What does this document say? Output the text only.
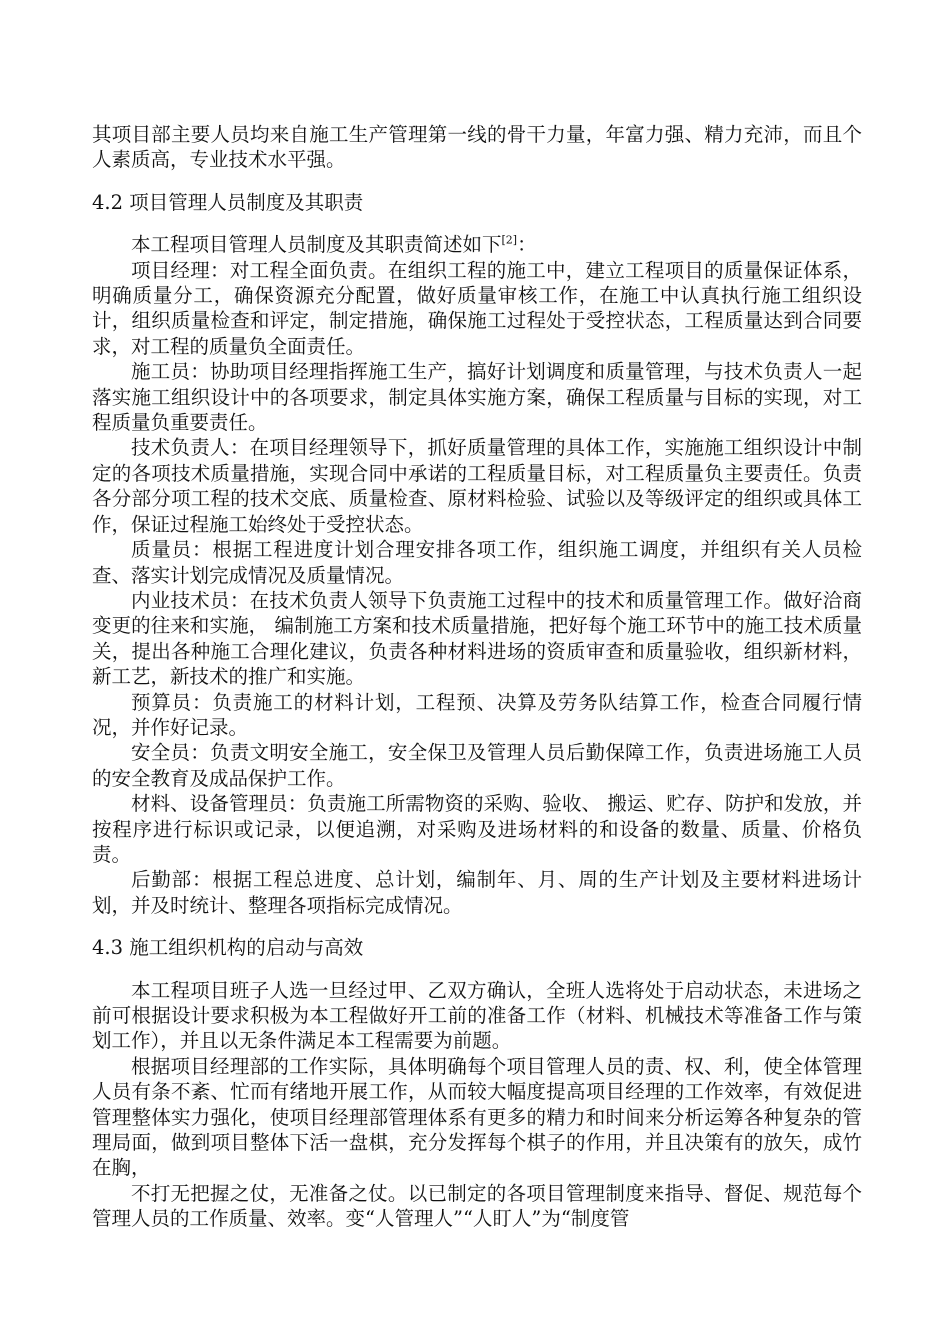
其项目部主要人员均来自施工生产管理第一线的骨干力量，年富力强、精力充沛，而且个人素质高，专业技术水平强。

4.2 项目管理人员制度及其职责

本工程项目管理人员制度及其职责简述如下[2]：

项目经理：对工程全面负责。在组织工程的施工中，建立工程项目的质量保证体系，明确质量分工，确保资源充分配置，做好质量审核工作，在施工中认真执行施工组织设计，组织质量检查和评定，制定措施，确保施工过程处于受控状态，工程质量达到合同要求，对工程的质量负全面责任。

施工员：协助项目经理指挥施工生产，搞好计划调度和质量管理，与技术负责人一起落实施工组织设计中的各项要求，制定具体实施方案，确保工程质量与目标的实现，对工程质量负重要责任。

技术负责人：在项目经理领导下，抓好质量管理的具体工作，实施施工组织设计中制定的各项技术质量措施，实现合同中承诺的工程质量目标，对工程质量负主要责任。负责各分部分项工程的技术交底、质量检查、原材料检验、试验以及等级评定的组织或具体工作，保证过程施工始终处于受控状态。

质量员：根据工程进度计划合理安排各项工作，组织施工调度，并组织有关人员检查、落实计划完成情况及质量情况。

内业技术员：在技术负责人领导下负责施工过程中的技术和质量管理工作。做好洽商变更的往来和实施， 编制施工方案和技术质量措施，把好每个施工环节中的施工技术质量关，提出各种施工合理化建议，负责各种材料进场的资质审查和质量验收，组织新材料，新工艺，新技术的推广和实施。

预算员：负责施工的材料计划，工程预、决算及劳务队结算工作，检查合同履行情况，并作好记录。

安全员：负责文明安全施工，安全保卫及管理人员后勤保障工作，负责进场施工人员的安全教育及成品保护工作。

材料、设备管理员：负责施工所需物资的采购、验收、 搬运、贮存、防护和发放，并按程序进行标识或记录，以便追溯，对采购及进场材料的和设备的数量、质量、价格负责。

后勤部：根据工程总进度、总计划，编制年、月、周的生产计划及主要材料进场计划，并及时统计、整理各项指标完成情况。

4.3 施工组织机构的启动与高效

本工程项目班子人选一旦经过甲、乙双方确认，全班人选将处于启动状态，未进场之前可根据设计要求积极为本工程做好开工前的准备工作（材料、机械技术等准备工作与策划工作），并且以无条件满足本工程需要为前题。

根据项目经理部的工作实际，具体明确每个项目管理人员的责、权、利，使全体管理人员有条不紊、忙而有绪地开展工作，从而较大幅度提高项目经理的工作效率，有效促进管理整体实力强化，使项目经理部管理体系有更多的精力和时间来分析运筹各种复杂的管理局面，做到项目整体下活一盘棋，充分发挥每个棋子的作用，并且决策有的放矢，成竹在胸，

不打无把握之仗，无准备之仗。以已制定的各项目管理制度来指导、督促、规范每个管理人员的工作质量、效率。变“人管理人”“人盯人”为“制度管
